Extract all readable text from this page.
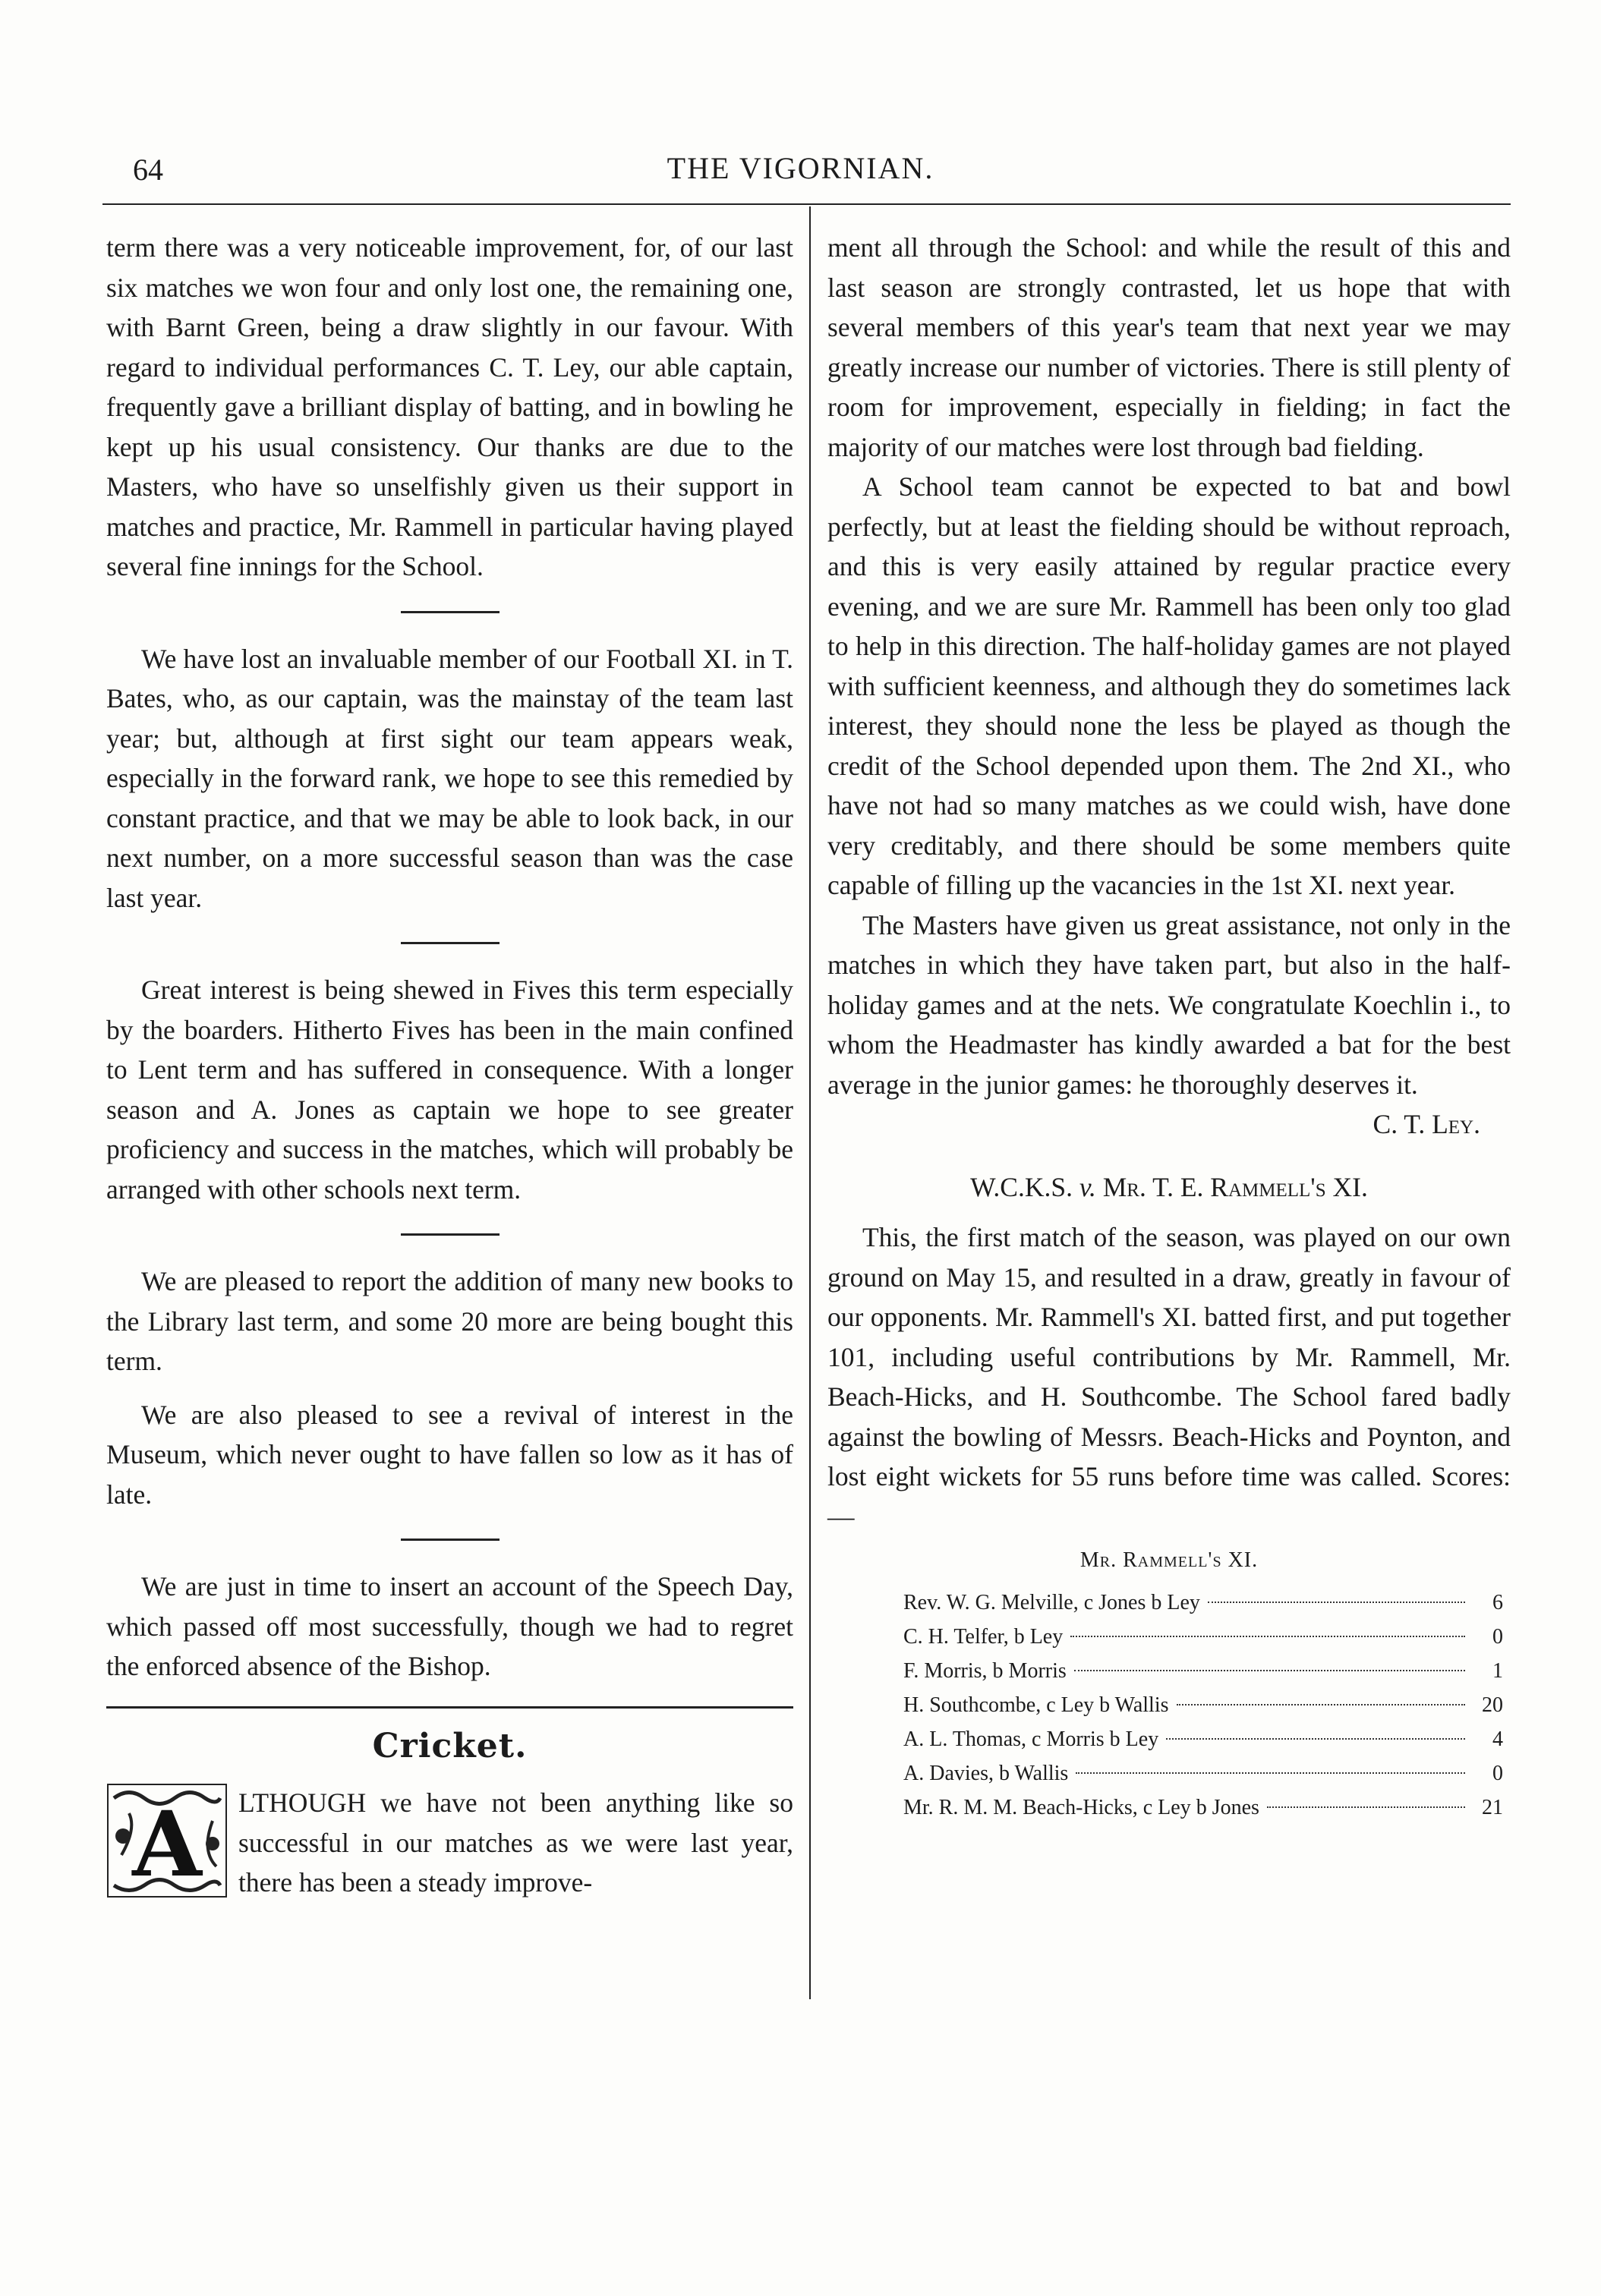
64	THE VIGORNIAN.

term there was a very noticeable improvement, for, of our last six matches we won four and only lost one, the remaining one, with Barnt Green, being a draw slightly in our favour. With regard to individual performances C. T. Ley, our able captain, frequently gave a brilliant display of batting, and in bowling he kept up his usual consistency. Our thanks are due to the Masters, who have so unselfishly given us their support in matches and practice, Mr. Rammell in particular having played several fine innings for the School.

We have lost an invaluable member of our Football XI. in T. Bates, who, as our captain, was the mainstay of the team last year; but, although at first sight our team appears weak, especially in the forward rank, we hope to see this remedied by constant practice, and that we may be able to look back, in our next number, on a more successful season than was the case last year.

Great interest is being shewed in Fives this term especially by the boarders. Hitherto Fives has been in the main confined to Lent term and has suffered in consequence. With a longer season and A. Jones as captain we hope to see greater proficiency and success in the matches, which will probably be arranged with other schools next term.

We are pleased to report the addition of many new books to the Library last term, and some 20 more are being bought this term.

We are also pleased to see a revival of interest in the Museum, which never ought to have fallen so low as it has of late.

We are just in time to insert an account of the Speech Day, which passed off most successfully, though we had to regret the enforced absence of the Bishop.

Cricket.
A LTHOUGH we have not been anything like so successful in our matches as we were last year, there has been a steady improve-

ment all through the School: and while the result of this and last season are strongly contrasted, let us hope that with several members of this year's team that next year we may greatly increase our number of victories. There is still plenty of room for improvement, especially in fielding; in fact the majority of our matches were lost through bad fielding.

A School team cannot be expected to bat and bowl perfectly, but at least the fielding should be without reproach, and this is very easily attained by regular practice every evening, and we are sure Mr. Rammell has been only too glad to help in this direction. The half-holiday games are not played with sufficient keenness, and although they do sometimes lack interest, they should none the less be played as though the credit of the School depended upon them. The 2nd XI., who have not had so many matches as we could wish, have done very creditably, and there should be some members quite capable of filling up the vacancies in the 1st XI. next year.

The Masters have given us great assistance, not only in the matches in which they have taken part, but also in the half-holiday games and at the nets. We congratulate Koechlin i., to whom the Headmaster has kindly awarded a bat for the best average in the junior games: he thoroughly deserves it.

C. T. Ley.
W.C.K.S. v. Mr. T. E. Rammell's XI.

This, the first match of the season, was played on our own ground on May 15, and resulted in a draw, greatly in favour of our opponents. Mr. Rammell's XI. batted first, and put together 101, including useful contributions by Mr. Rammell, Mr. Beach-Hicks, and H. Southcombe. The School fared badly against the bowling of Messrs. Beach-Hicks and Poynton, and lost eight wickets for 55 runs before time was called. Scores:—

Mr. Rammell's XI.
Rev. W. G. Melville, c Jones b Ley	6
C. H. Telfer, b Ley	0
F. Morris, b Morris	1
H. Southcombe, c Ley b Wallis	20
A. L. Thomas, c Morris b Ley	4
A. Davies, b Wallis	0
Mr. R. M. M. Beach-Hicks, c Ley b Jones	21
